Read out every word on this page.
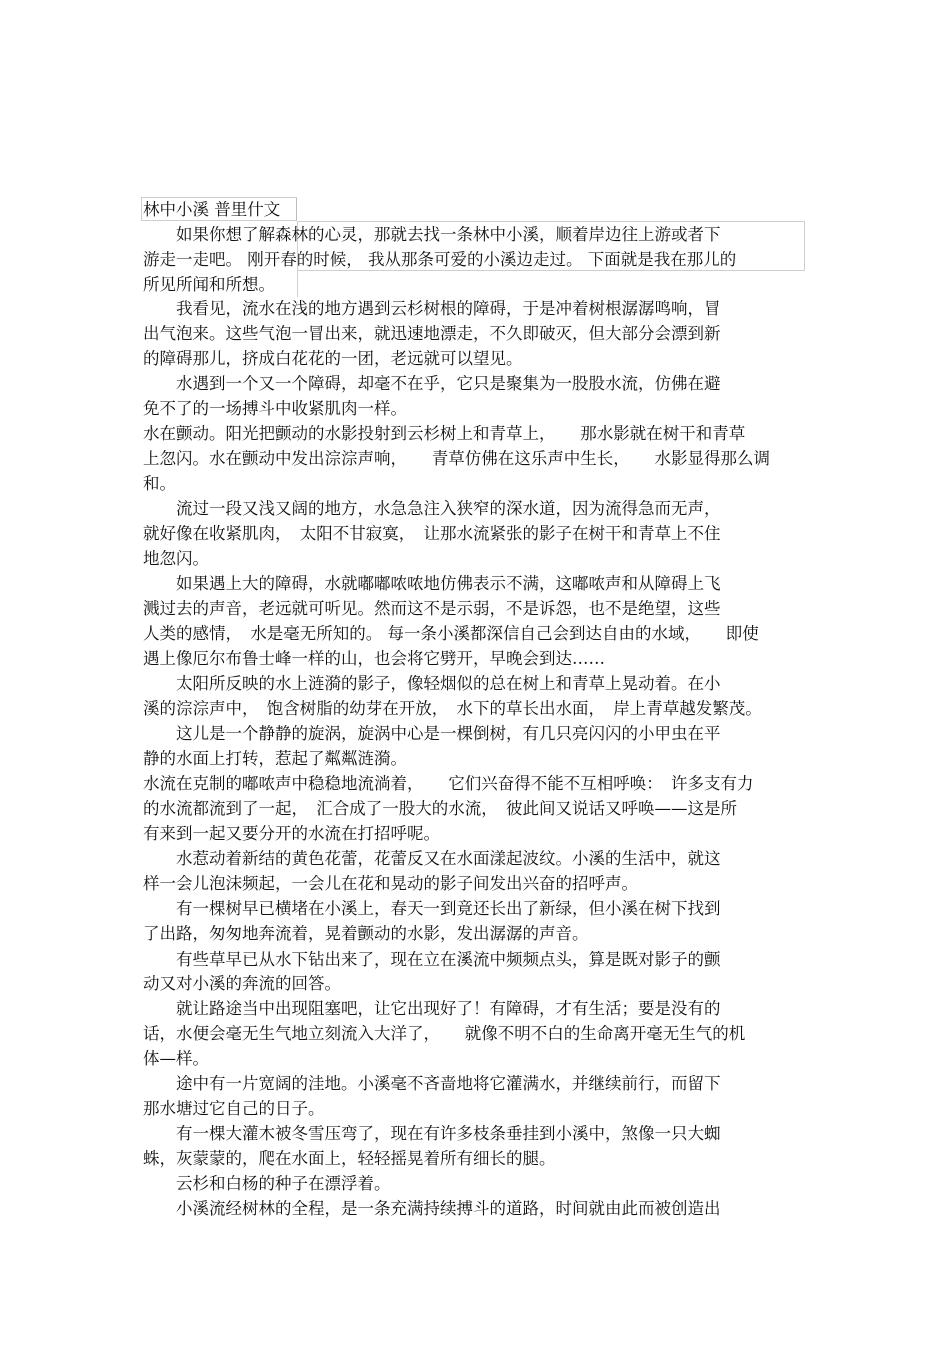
林中小溪 普里什文
　　如果你想了解森林的心灵，那就去找一条林中小溪，顺着岸边往上游或者下
游走一走吧。 刚开春的时候， 我从那条可爱的小溪边走过。 下面就是我在那儿的
所见所闻和所想。
　　我看见，流水在浅的地方遇到云杉树根的障碍，于是冲着树根潺潺鸣响，冒
出气泡来。这些气泡一冒出来，就迅速地漂走，不久即破灭，但大部分会漂到新
的障碍那儿，挤成白花花的一团，老远就可以望见。
　　水遇到一个又一个障碍，却毫不在乎，它只是聚集为一股股水流，仿佛在避
免不了的一场搏斗中收紧肌肉一样。
水在颤动。阳光把颤动的水影投射到云杉树上和青草上，　　那水影就在树干和青草
上忽闪。水在颤动中发出淙淙声响，　　青草仿佛在这乐声中生长，　　水影显得那么调
和。
　　流过一段又浅又阔的地方，水急急注入狭窄的深水道，因为流得急而无声，
就好像在收紧肌肉，　太阳不甘寂寞，　让那水流紧张的影子在树干和青草上不住
地忽闪。
　　如果遇上大的障碍，水就嘟嘟哝哝地仿佛表示不满，这嘟哝声和从障碍上飞
溅过去的声音，老远就可听见。然而这不是示弱，不是诉怨，也不是绝望，这些
人类的感情，　水是毫无所知的。 每一条小溪都深信自己会到达自由的水域，　　即使
遇上像厄尔布鲁士峰一样的山，也会将它劈开，早晚会到达……
　　太阳所反映的水上涟漪的影子，像轻烟似的总在树上和青草上晃动着。在小
溪的淙淙声中，　饱含树脂的幼芽在开放，　水下的草长出水面，　岸上青草越发繁茂。
　　这儿是一个静静的旋涡，旋涡中心是一棵倒树，有几只亮闪闪的小甲虫在平
静的水面上打转，惹起了粼粼涟漪。
水流在克制的嘟哝声中稳稳地流淌着，　　它们兴奋得不能不互相呼唤：　许多支有力
的水流都流到了一起，　汇合成了一股大的水流，　彼此间又说话又呼唤——这是所
有来到一起又要分开的水流在打招呼呢。
　　水惹动着新结的黄色花蕾，花蕾反又在水面漾起波纹。小溪的生活中，就这
样一会儿泡沫频起，一会儿在花和晃动的影子间发出兴奋的招呼声。
　　有一棵树早已横堵在小溪上，春天一到竟还长出了新绿，但小溪在树下找到
了出路，匆匆地奔流着，晃着颤动的水影，发出潺潺的声音。
　　有些草早已从水下钻出来了，现在立在溪流中频频点头，算是既对影子的颤
动又对小溪的奔流的回答。
　　就让路途当中出现阻塞吧，让它出现好了！有障碍，才有生活；要是没有的
话，水便会毫无生气地立刻流入大洋了，　　就像不明不白的生命离开毫无生气的机
体—样。
　　途中有一片宽阔的洼地。小溪毫不吝啬地将它灌满水，并继续前行，而留下
那水塘过它自己的日子。
　　有一棵大灌木被冬雪压弯了，现在有许多枝条垂挂到小溪中，煞像一只大蜘
蛛，灰蒙蒙的，爬在水面上，轻轻摇晃着所有细长的腿。
　　云杉和白杨的种子在漂浮着。
　　小溪流经树林的全程，是一条充满持续搏斗的道路，时间就由此而被创造出
